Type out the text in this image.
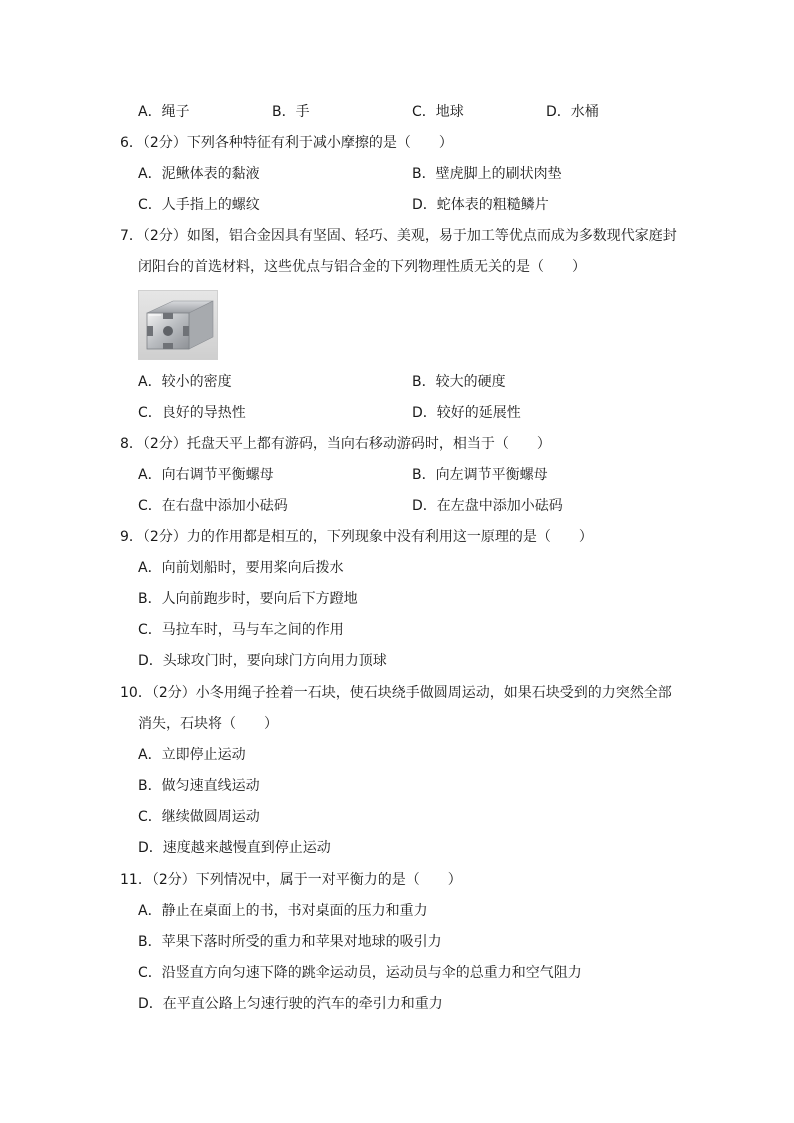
A．绳子	B．手	C．地球	D．水桶
6．（2分）下列各种特征有利于减小摩擦的是（　　）
A．泥鳅体表的黏液	B．壁虎脚上的刷状肉垫
C．人手指上的螺纹	D．蛇体表的粗糙鳞片
7．（2分）如图，铝合金因具有坚固、轻巧、美观，易于加工等优点而成为多数现代家庭封
闭阳台的首选材料，这些优点与铝合金的下列物理性质无关的是（　　）
A．较小的密度	B．较大的硬度
C．良好的导热性	D．较好的延展性
8．（2分）托盘天平上都有游码，当向右移动游码时，相当于（　　）
A．向右调节平衡螺母	B．向左调节平衡螺母
C．在右盘中添加小砝码	D．在左盘中添加小砝码
9．（2分）力的作用都是相互的，下列现象中没有利用这一原理的是（　　）
A．向前划船时，要用桨向后拨水
B．人向前跑步时，要向后下方蹬地
C．马拉车时，马与车之间的作用
D．头球攻门时，要向球门方向用力顶球
10．（2分）小冬用绳子拴着一石块，使石块绕手做圆周运动，如果石块受到的力突然全部
消失，石块将（　　）
A．立即停止运动
B．做匀速直线运动
C．继续做圆周运动
D．速度越来越慢直到停止运动
11．（2分）下列情况中，属于一对平衡力的是（　　）
A．静止在桌面上的书，书对桌面的压力和重力
B．苹果下落时所受的重力和苹果对地球的吸引力
C．沿竖直方向匀速下降的跳伞运动员，运动员与伞的总重力和空气阻力
D．在平直公路上匀速行驶的汽车的牵引力和重力
